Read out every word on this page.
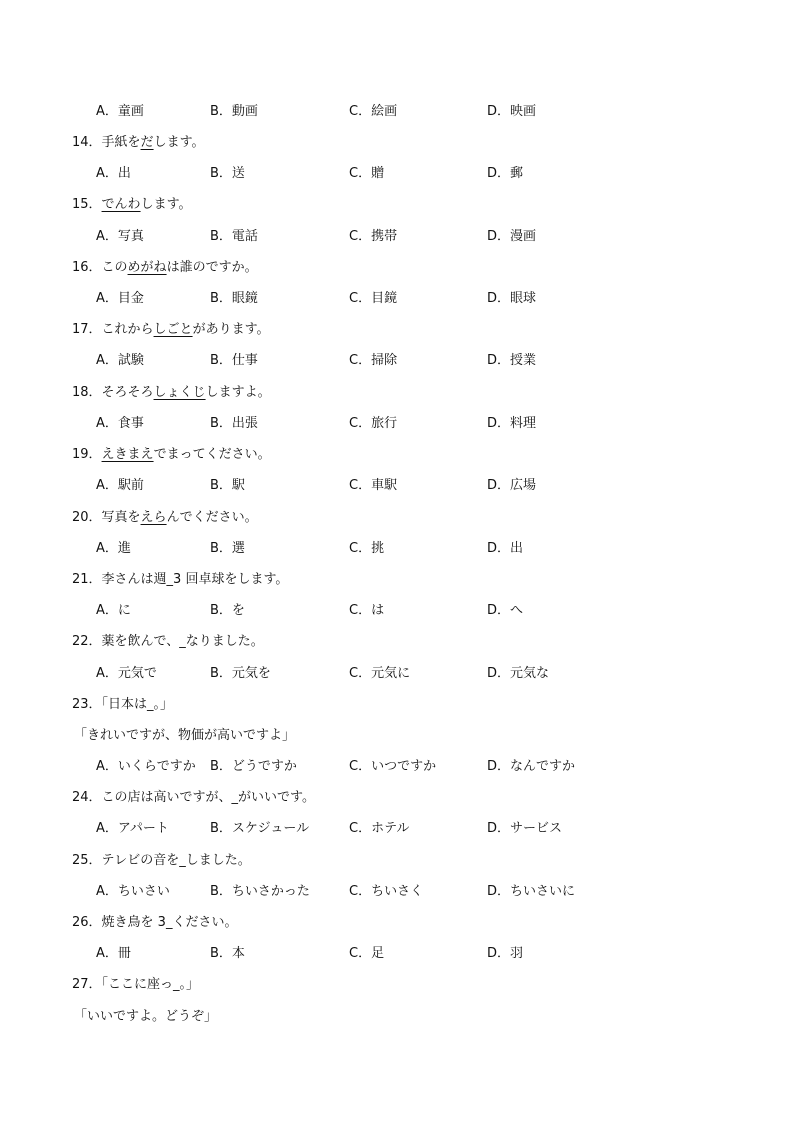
A．童画	B．動画	C．絵画	D．映画
14．手紙をだします。
A．出	B．送	C．贈	D．郵
15．でんわします。
A．写真	B．電話	C．携帯	D．漫画
16．このめがねは誰のですか。
A．目金	B．眼鏡	C．目鏡	D．眼球
17．これからしごとがあります。
A．試験	B．仕事	C．掃除	D．授業
18．そろそろしょくじしますよ。
A．食事	B．出張	C．旅行	D．料理
19．えきまえでまってください。
A．駅前	B．駅	C．車駅	D．広場
20．写真をえらんでください。
A．進	B．選	C．挑	D．出
21．李さんは週_3 回卓球をします。
A．に	B．を	C．は	D．へ
22．薬を飲んで、_なりました。
A．元気で	B．元気を	C．元気に	D．元気な
23．「日本は_。」
「きれいですが、物価が高いですよ」
A．いくらですか B．どうですか	C．いつですか	D．なんですか
24．この店は高いですが、_がいいです。
A．アパート	B．スケジュール	C．ホテル	D．サービス
25．テレビの音を_しました。
A．ちいさい	B．ちいさかった	C．ちいさく	D．ちいさいに
26．焼き鳥を 3_ください。
A．冊	B．本	C．足	D．羽
27．「ここに座っ_。」
「いいですよ。どうぞ」
